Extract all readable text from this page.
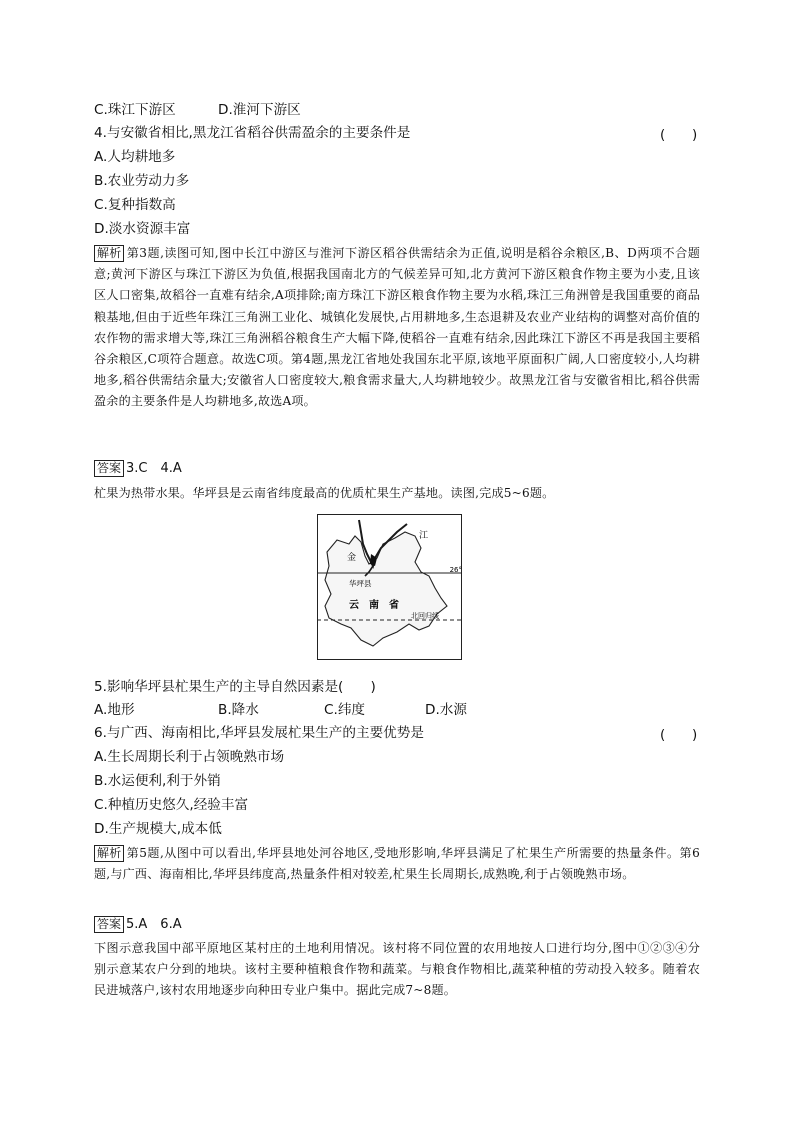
C.珠江下游区	D.淮河下游区
4.与安徽省相比,黑龙江省稻谷供需盈余的主要条件是	(　　)
A.人均耕地多
B.农业劳动力多
C.复种指数高
D.淡水资源丰富
解析 第3题,读图可知,图中长江中游区与淮河下游区稻谷供需结余为正值,说明是稻谷余粮区,B、D两项不合题意;黄河下游区与珠江下游区为负值,根据我国南北方的气候差异可知,北方黄河下游区粮食作物主要为小麦,且该区人口密集,故稻谷一直难有结余,A项排除;南方珠江下游区粮食作物主要为水稻,珠江三角洲曾是我国重要的商品粮基地,但由于近些年珠江三角洲工业化、城镇化发展快,占用耕地多,生态退耕及农业产业结构的调整对高价值的农作物的需求增大等,珠江三角洲稻谷粮食生产大幅下降,使稻谷一直难有结余,因此珠江下游区不再是我国主要稻谷余粮区,C项符合题意。故选C项。第4题,黑龙江省地处我国东北平原,该地平原面积广阔,人口密度较小,人均耕地多,稻谷供需结余量大;安徽省人口密度较大,粮食需求量大,人均耕地较少。故黑龙江省与安徽省相比,稻谷供需盈余的主要条件是人均耕地多,故选A项。
答案 3.C　4.A
杧果为热带水果。华坪县是云南省纬度最高的优质杧果生产基地。读图,完成5~6题。
金
江
华坪县
云　南　省
26°
北回归线
5.影响华坪县杧果生产的主导自然因素是(　　)
A.地形	B.降水	C.纬度	D.水源
6.与广西、海南相比,华坪县发展杧果生产的主要优势是	(　　)
A.生长周期长利于占领晚熟市场
B.水运便利,利于外销
C.种植历史悠久,经验丰富
D.生产规模大,成本低
解析 第5题,从图中可以看出,华坪县地处河谷地区,受地形影响,华坪县满足了杧果生产所需要的热量条件。第6题,与广西、海南相比,华坪县纬度高,热量条件相对较差,杧果生长周期长,成熟晚,利于占领晚熟市场。
答案 5.A　6.A
下图示意我国中部平原地区某村庄的土地利用情况。该村将不同位置的农用地按人口进行均分,图中①②③④分别示意某农户分到的地块。该村主要种植粮食作物和蔬菜。与粮食作物相比,蔬菜种植的劳动投入较多。随着农民进城落户,该村农用地逐步向种田专业户集中。据此完成7~8题。
